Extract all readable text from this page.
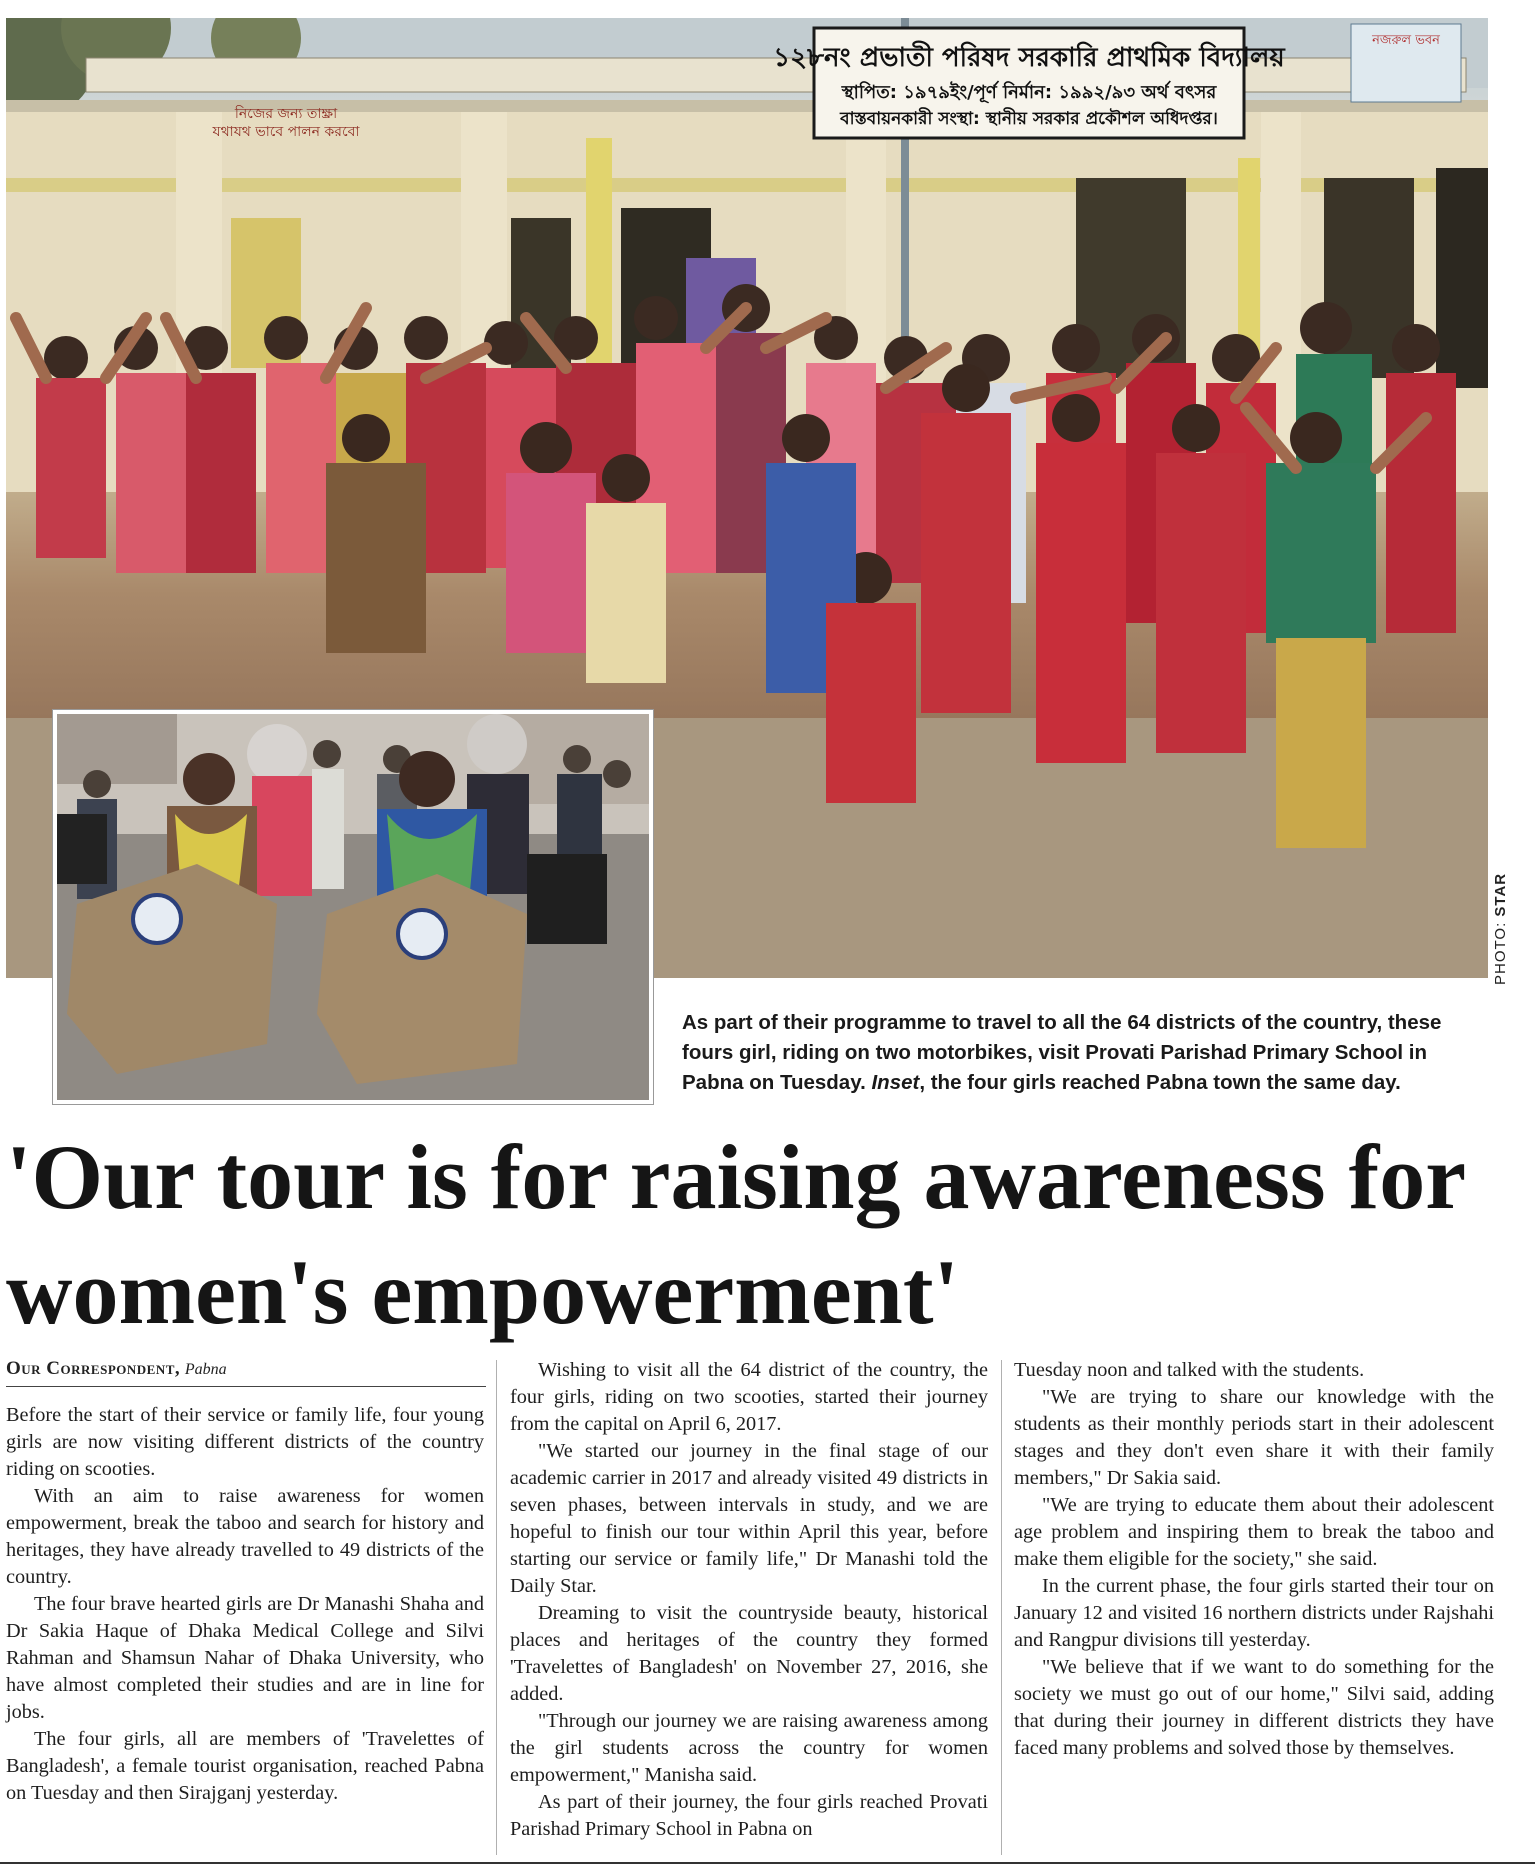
১২৮নং প্রভাতী পরিষদ সরকারি প্রাথমিক বিদ্যালয়
স্থাপিত: ১৯৭৯ইং/পূর্ণ নির্মান: ১৯৯২/৯৩ অর্থ বৎসর
বাস্তবায়নকারী সংস্থা: স্থানীয় সরকার প্রকৌশল অধিদপ্তর।
নিজের জন্য তাক্ষ্রা
যথাযথ ভাবে পালন করবো
নজরুল ভবন
PHOTO: STAR
As part of their programme to travel to all the 64 districts of the country, these fours girl, riding on two motorbikes, visit Provati Parishad Primary School in Pabna on Tuesday. Inset, the four girls reached Pabna town the same day.
'Our tour is for raising awareness for women's empowerment'
Our Correspondent, Pabna

Before the start of their service or family life, four young girls are now visiting different districts of the country riding on scooties.

With an aim to raise awareness for women empowerment, break the taboo and search for history and heritages, they have already travelled to 49 districts of the country.

The four brave hearted girls are Dr Manashi Shaha and Dr Sakia Haque of Dhaka Medical College and Silvi Rahman and Shamsun Nahar of Dhaka University, who have almost completed their studies and are in line for jobs.

The four girls, all are members of 'Travelettes of Bangladesh', a female tourist organisation, reached Pabna on Tuesday and then Sirajganj yesterday.

Wishing to visit all the 64 district of the country, the four girls, riding on two scooties, started their journey from the capital on April 6, 2017.

"We started our journey in the final stage of our academic carrier in 2017 and already visited 49 districts in seven phases, between intervals in study, and we are hopeful to finish our tour within April this year, before starting our service or family life," Dr Manashi told the Daily Star.

Dreaming to visit the countryside beauty, historical places and heritages of the country they formed 'Travelettes of Bangladesh' on November 27, 2016, she added.

"Through our journey we are raising awareness among the girl students across the country for women empowerment," Manisha said.

As part of their journey, the four girls reached Provati Parishad Primary School in Pabna on

Tuesday noon and talked with the students.

"We are trying to share our knowledge with the students as their monthly periods start in their adolescent stages and they don't even share it with their family members," Dr Sakia said.

"We are trying to educate them about their adolescent age problem and inspiring them to break the taboo and make them eligible for the society," she said.

In the current phase, the four girls started their tour on January 12 and visited 16 northern districts under Rajshahi and Rangpur divisions till yesterday.

"We believe that if we want to do something for the society we must go out of our home," Silvi said, adding that during their journey in different districts they have faced many problems and solved those by themselves.
